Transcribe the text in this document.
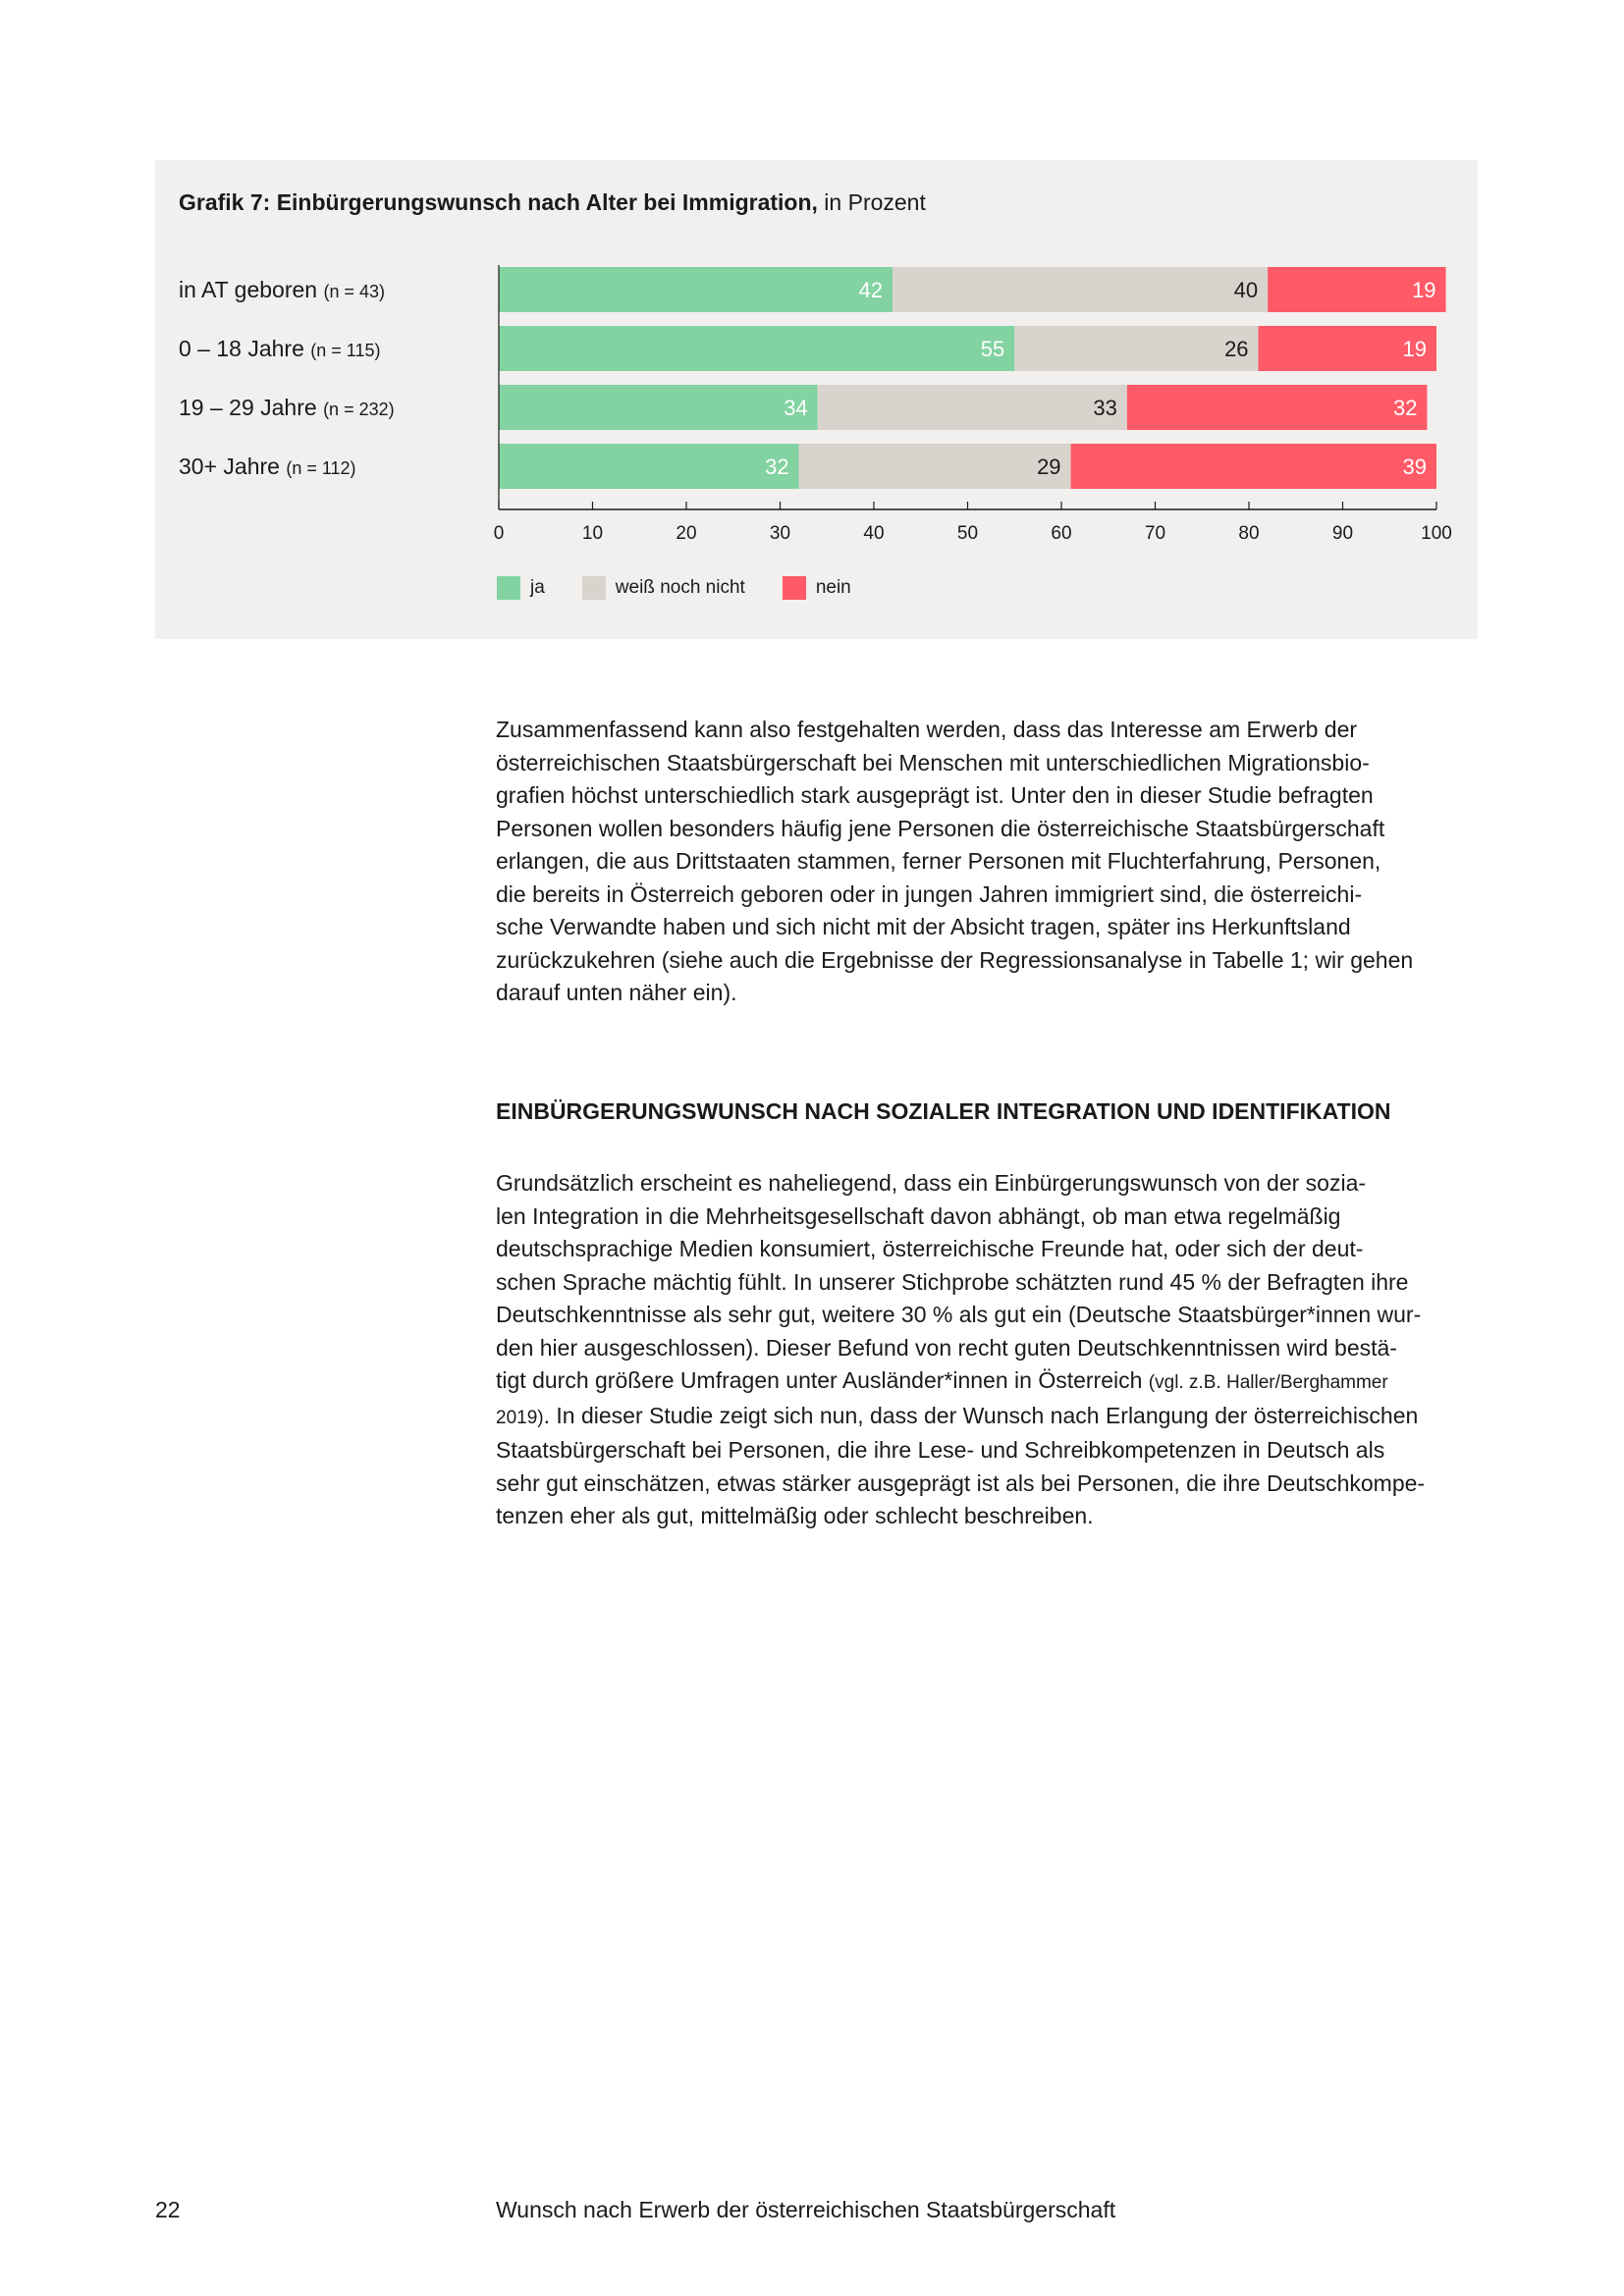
Grafik 7: Einbürgerungswunsch nach Alter bei Immigration, in Prozent
in AT geboren (n = 43)
0 – 18 Jahre (n = 115)
19 – 29 Jahre (n = 232)
30+ Jahre (n = 112)
42	40	19
55	26	19
34	33	32
32	29	39
0	10	20	30	40	50	60	70	80	90	100
ja	weiß noch nicht	nein
Zusammenfassend kann also festgehalten werden, dass das Interesse am Erwerb der
österreichischen Staatsbürgerschaft bei Menschen mit unterschiedlichen Migrationsbio-
grafien höchst unterschiedlich stark ausgeprägt ist. Unter den in dieser Studie befragten
Personen wollen besonders häufig jene Personen die österreichische Staatsbürgerschaft
erlangen, die aus Drittstaaten stammen, ferner Personen mit Fluchterfahrung, Personen,
die bereits in Österreich geboren oder in jungen Jahren immigriert sind, die österreichi-
sche Verwandte haben und sich nicht mit der Absicht tragen, später ins Herkunftsland
zurückzukehren (siehe auch die Ergebnisse der Regressionsanalyse in Tabelle 1; wir gehen
darauf unten näher ein).
EINBÜRGERUNGSWUNSCH NACH SOZIALER INTEGRATION UND IDENTIFIKATION
Grundsätzlich erscheint es naheliegend, dass ein Einbürgerungswunsch von der sozia-
len Integration in die Mehrheitsgesellschaft davon abhängt, ob man etwa regelmäßig
deutschsprachige Medien konsumiert, österreichische Freunde hat, oder sich der deut-
schen Sprache mächtig fühlt. In unserer Stichprobe schätzten rund 45 % der Befragten ihre
Deutschkenntnisse als sehr gut, weitere 30 % als gut ein (Deutsche Staatsbürger*innen wur-
den hier ausgeschlossen). Dieser Befund von recht guten Deutschkenntnissen wird bestä-
tigt durch größere Umfragen unter Ausländer*innen in Österreich (vgl. z.B. Haller/Berghammer
2019). In dieser Studie zeigt sich nun, dass der Wunsch nach Erlangung der österreichischen
Staatsbürgerschaft bei Personen, die ihre Lese- und Schreibkompetenzen in Deutsch als
sehr gut einschätzen, etwas stärker ausgeprägt ist als bei Personen, die ihre Deutschkompe-
tenzen eher als gut, mittelmäßig oder schlecht beschreiben.
22	Wunsch nach Erwerb der österreichischen Staatsbürgerschaft
